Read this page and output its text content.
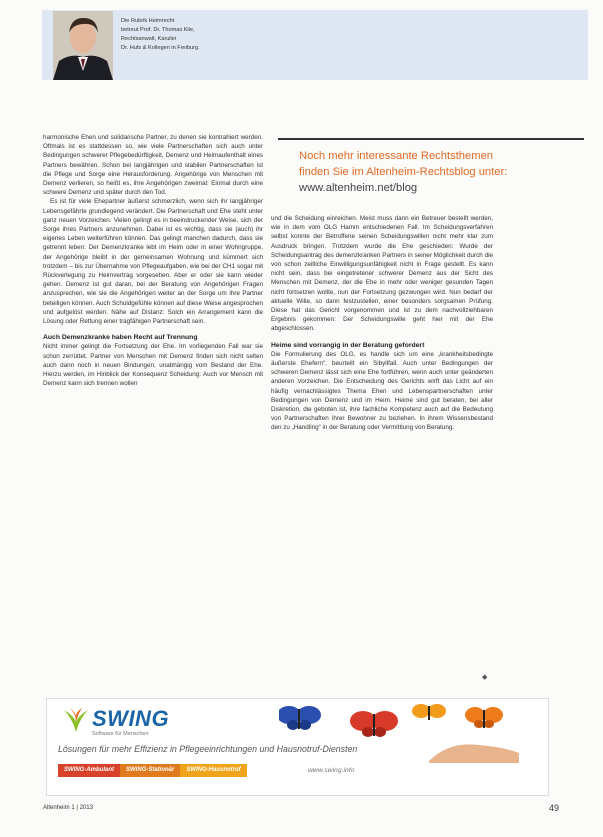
Die Rubrik Heimrecht
betreut Prof. Dr. Thomas Klie,
Rechtsanwalt, Kanzlei
Dr. Hufs & Kollegen in Freiburg.

harmonische Ehen und solidarische Partner, zu denen sie kontrahiert werden. Oftmals ist es stattdessen so, wie viele Partnerschaften sich auch unter Bedingungen schwerer Pflegebedürftigkeit, Demenz und Heimaufenthalt eines Partners bewähren. Schon bei langjährigen und stabilen Partnerschaften ist die Pflege und Sorge eine Herausforderung. Angehörige von Menschen mit Demenz verlieren, so heißt es, ihre Angehörigen zweimal: Einmal durch eine schwere Demenz und später durch den Tod.

Es ist für viele Ehepartner äußerst schmerzlich, wenn sich ihr langjähriger Lebensgefährte grundlegend verändert. Die Partnerschaft und Ehe steht unter ganz neuen Vorzeichen. Vielen gelingt es in beeindruckender Weise, sich der Sorge ihres Partners anzunehmen. Dabei ist es wichtig, dass sie (auch) ihr eigenes Leben weiterführen können. Das gelingt manchen dadurch, dass sie getrennt leben: Der Demenzkranke lebt im Heim oder in einer Wohngruppe, der Angehörige bleibt in der gemeinsamen Wohnung und kümmert sich trotzdem – bis zur Übernahme von Pflegeaufgaben, wie bei der CH1 sogar mit Rückverlegung zu Heimvertrag vorgesehen. Aber er oder sie kann wieder gehen. Demenz ist gut daran, bei der Beratung von Angehörigen Fragen anzusprechen, wie sie die Angehörigen weiter an der Sorge um ihre Partner beteiligen können. Auch Schuldgefühle können auf diese Weise angesprochen und aufgelöst werden. Nähe auf Distanz: Solch ein Arrangement kann die Lösung oder Rettung einer tragfähigen Partnerschaft sein.

Auch Demenzkranke haben Recht auf Trennung

Nicht immer gelingt die Fortsetzung der Ehe. Im vorliegenden Fall war sie schon zerrüttet. Partner von Menschen mit Demenz finden sich nicht selten auch dann noch in neuen Bindungen, unabhängig vom Bestand der Ehe. Hierzu werden, im Hinblick der Konsequenz Scheidung: Auch vor Mensch mit Demenz kann sich trennen wollen

Noch mehr interessante Rechtsthemen
finden Sie im Altenheim-Rechtsblog unter:
www.altenheim.net/blog

und die Scheidung einreichen. Meist muss dann ein Betreuer bestellt werden, wie in dem vom OLG Hamm entschiedenen Fall. Im Scheidungsverfahren selbst konnte der Betroffene seinen Scheidungswillen nicht mehr klar zum Ausdruck bringen. Trotzdem wurde die Ehe geschieden: Wurde der Scheidungsantrag des demenzkranken Partners in seiner Möglichkeit durch die von schon zeitliche Einwilligungsunfähigkeit nicht in Frage gestellt. Es kann nicht sein, dass bei eingetretener schwerer Demenz aus der Sicht des Menschen mit Demenz, der die Ehe in mehr oder weniger gesunden Tagen nicht fortsetzen wollte, nun der Fortsetzung gezwungen wird. Nun bedarf der aktuelle Wille, so dann festzustellen, einer besonders sorgsamen Prüfung. Diese hat das Gericht vorgenommen und ist zu dem nachvollziehbaren Ergebnis gekommen: Der Scheidungswille geht hier mit der Ehe abgeschlossen.

Heime sind vorrangig in der Beratung gefordert

Die Formulierung des OLG, es handle sich um eine „krankheitsbedingte äußerste Ehefern“, beurteilt ein Sibyllfall. Auch unter Bedingungen der schweren Demenz lässt sich eine Ehe fortführen, wenn auch unter geänderten anderen Vorzeichen. Die Entscheidung des Gerichts wirft das Licht auf ein häufig vernachlässigtes Thema Ehen und Lebenspartnerschaften unter Bedingungen von Demenz und im Heim. Heime sind gut beraten, bei aller Diskretion, die geboten ist, ihre fachliche Kompetenz auch auf die Bedeutung von Partnerschaften ihrer Bewohner zu beziehen. In ihrem Wissensbestand den zu „Handling“ in der Beratung oder Vermittlung von Beratung.

◆
SWING
Software für Menschen
Lösungen für mehr Effizienz in Pflegeeinrichtungen und Hausnotruf-Diensten
SWING-Ambulant	SWING-Stationär	SWING-Hausnotruf	www.swing.info
Altenheim 1 | 2013	49
